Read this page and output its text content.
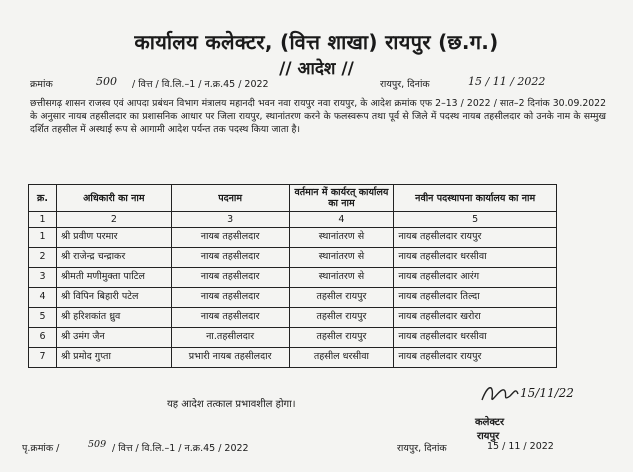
कार्यालय कलेक्टर, (वित्त शाखा) रायपुर (छ.ग.)
// आदेश //
क्रमांक	500 / वित्त / वि.लि.–1 / न.क्र.45 / 2022	रायपुर, दिनांक	15 / 11 / 2022
छत्तीसगढ़ शासन राजस्व एवं आपदा प्रबंधन विभाग मंत्रालय महानदी भवन नवा रायपुर नवा रायपुर, के आदेश क्रमांक एफ 2–13 / 2022 / सात–2 दिनांक 30.09.2022 के अनुसार नायब तहसीलदार का प्रशासनिक आधार पर जिला रायपुर, स्थानांतरण करने के फलस्वरूप तथा पूर्व से जिले में पदस्थ नायब तहसीलदार को उनके नाम के सम्मुख दर्शित तहसील में अस्थाई रूप से आगामी आदेश पर्यन्त तक पदस्थ किया जाता है।
क्र.	अधिकारी का नाम	पदनाम	वर्तमान में कार्यरत् कार्यालय का नाम	नवीन पदस्थापना कार्यालय का नाम
1	2	3	4	5
1	श्री प्रवीण परमार	नायब तहसीलदार	स्थानांतरण से	नायब तहसीलदार रायपुर
2	श्री राजेन्द्र चन्द्राकर	नायब तहसीलदार	स्थानांतरण से	नायब तहसीलदार धरसीवा
3	श्रीमती मणीमुक्ता पाटिल	नायब तहसीलदार	स्थानांतरण से	नायब तहसीलदार आरंग
4	श्री विपिन बिहारी पटेल	नायब तहसीलदार	तहसील रायपुर	नायब तहसीलदार तिल्दा
5	श्री हरिशकांत ध्रुव	नायब तहसीलदार	तहसील रायपुर	नायब तहसीलदार खरोरा
6	श्री उमंग जैन	ना.तहसीलदार	तहसील रायपुर	नायब तहसीलदार धरसीवा
7	श्री प्रमोद गुप्ता	प्रभारी नायब तहसीलदार	तहसील धरसीवा	नायब तहसीलदार रायपुर
यह आदेश तत्काल प्रभावशील होगा।
15/11/22
कलेक्टर
रायपुर
पृ.क्रमांक /	509 / वित्त / वि.लि.–1 / न.क्र.45 / 2022	रायपुर, दिनांक	15 / 11 / 2022
